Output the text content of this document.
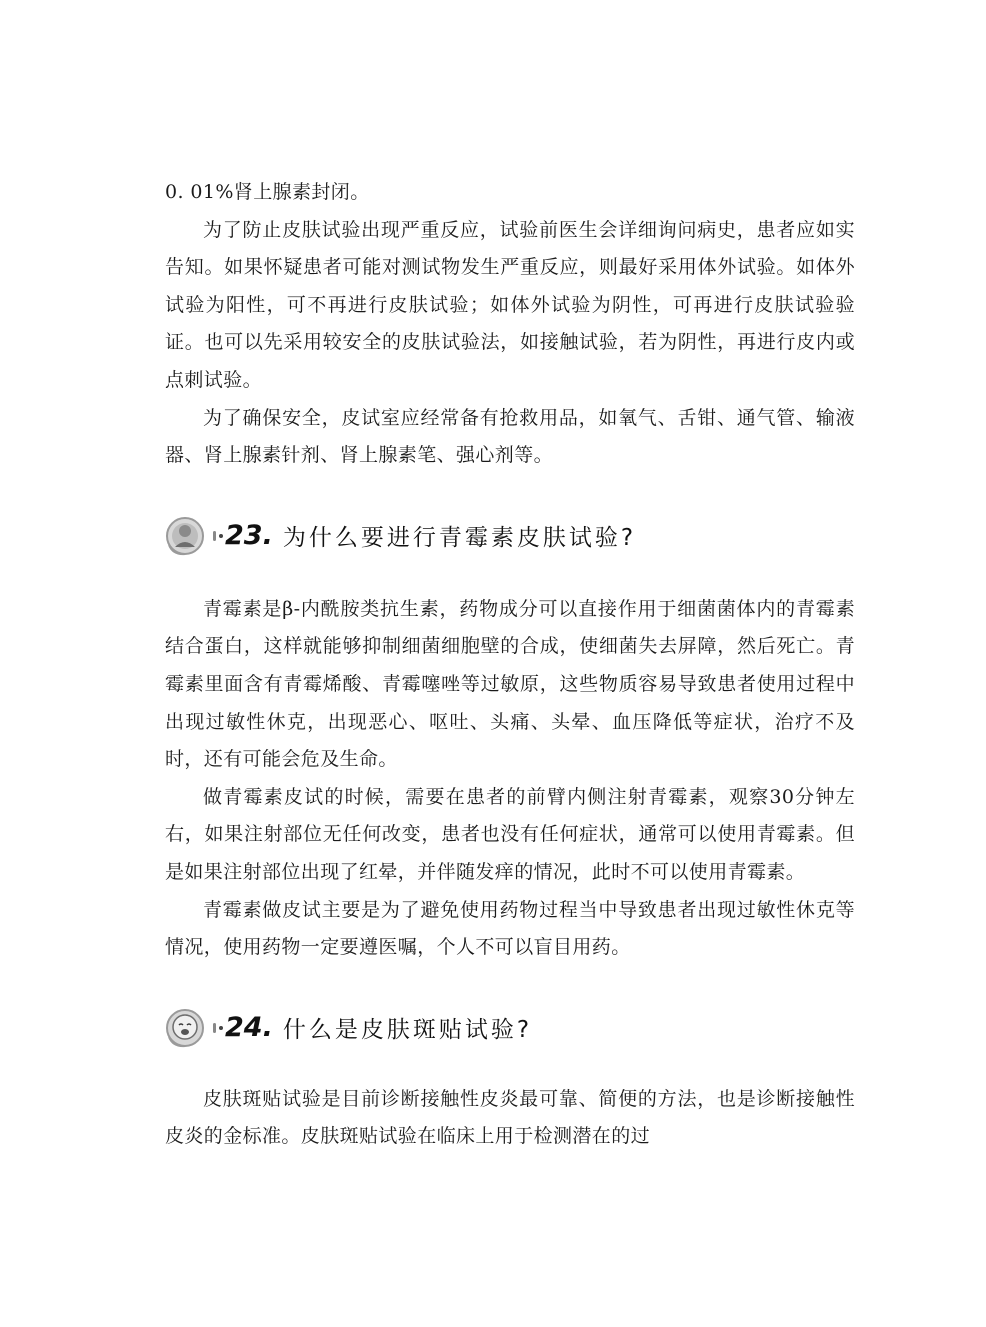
0. 01%肾上腺素封闭。

为了防止皮肤试验出现严重反应，试验前医生会详细询问病史，患者应如实告知。如果怀疑患者可能对测试物发生严重反应，则最好采用体外试验。如体外试验为阳性，可不再进行皮肤试验；如体外试验为阴性，可再进行皮肤试验验证。也可以先采用较安全的皮肤试验法，如接触试验，若为阴性，再进行皮内或点刺试验。

为了确保安全，皮试室应经常备有抢救用品，如氧气、舌钳、通气管、输液器、肾上腺素针剂、肾上腺素笔、强心剂等。

23. 为什么要进行青霉素皮肤试验?

青霉素是β-内酰胺类抗生素，药物成分可以直接作用于细菌菌体内的青霉素结合蛋白，这样就能够抑制细菌细胞壁的合成，使细菌失去屏障，然后死亡。青霉素里面含有青霉烯酸、青霉噻唑等过敏原，这些物质容易导致患者使用过程中出现过敏性休克，出现恶心、呕吐、头痛、头晕、血压降低等症状，治疗不及时，还有可能会危及生命。

做青霉素皮试的时候，需要在患者的前臂内侧注射青霉素，观察30分钟左右，如果注射部位无任何改变，患者也没有任何症状，通常可以使用青霉素。但是如果注射部位出现了红晕，并伴随发痒的情况，此时不可以使用青霉素。

青霉素做皮试主要是为了避免使用药物过程当中导致患者出现过敏性休克等情况，使用药物一定要遵医嘱，个人不可以盲目用药。

24. 什么是皮肤斑贴试验?

皮肤斑贴试验是目前诊断接触性皮炎最可靠、简便的方法，也是诊断接触性皮炎的金标准。皮肤斑贴试验在临床上用于检测潜在的过
